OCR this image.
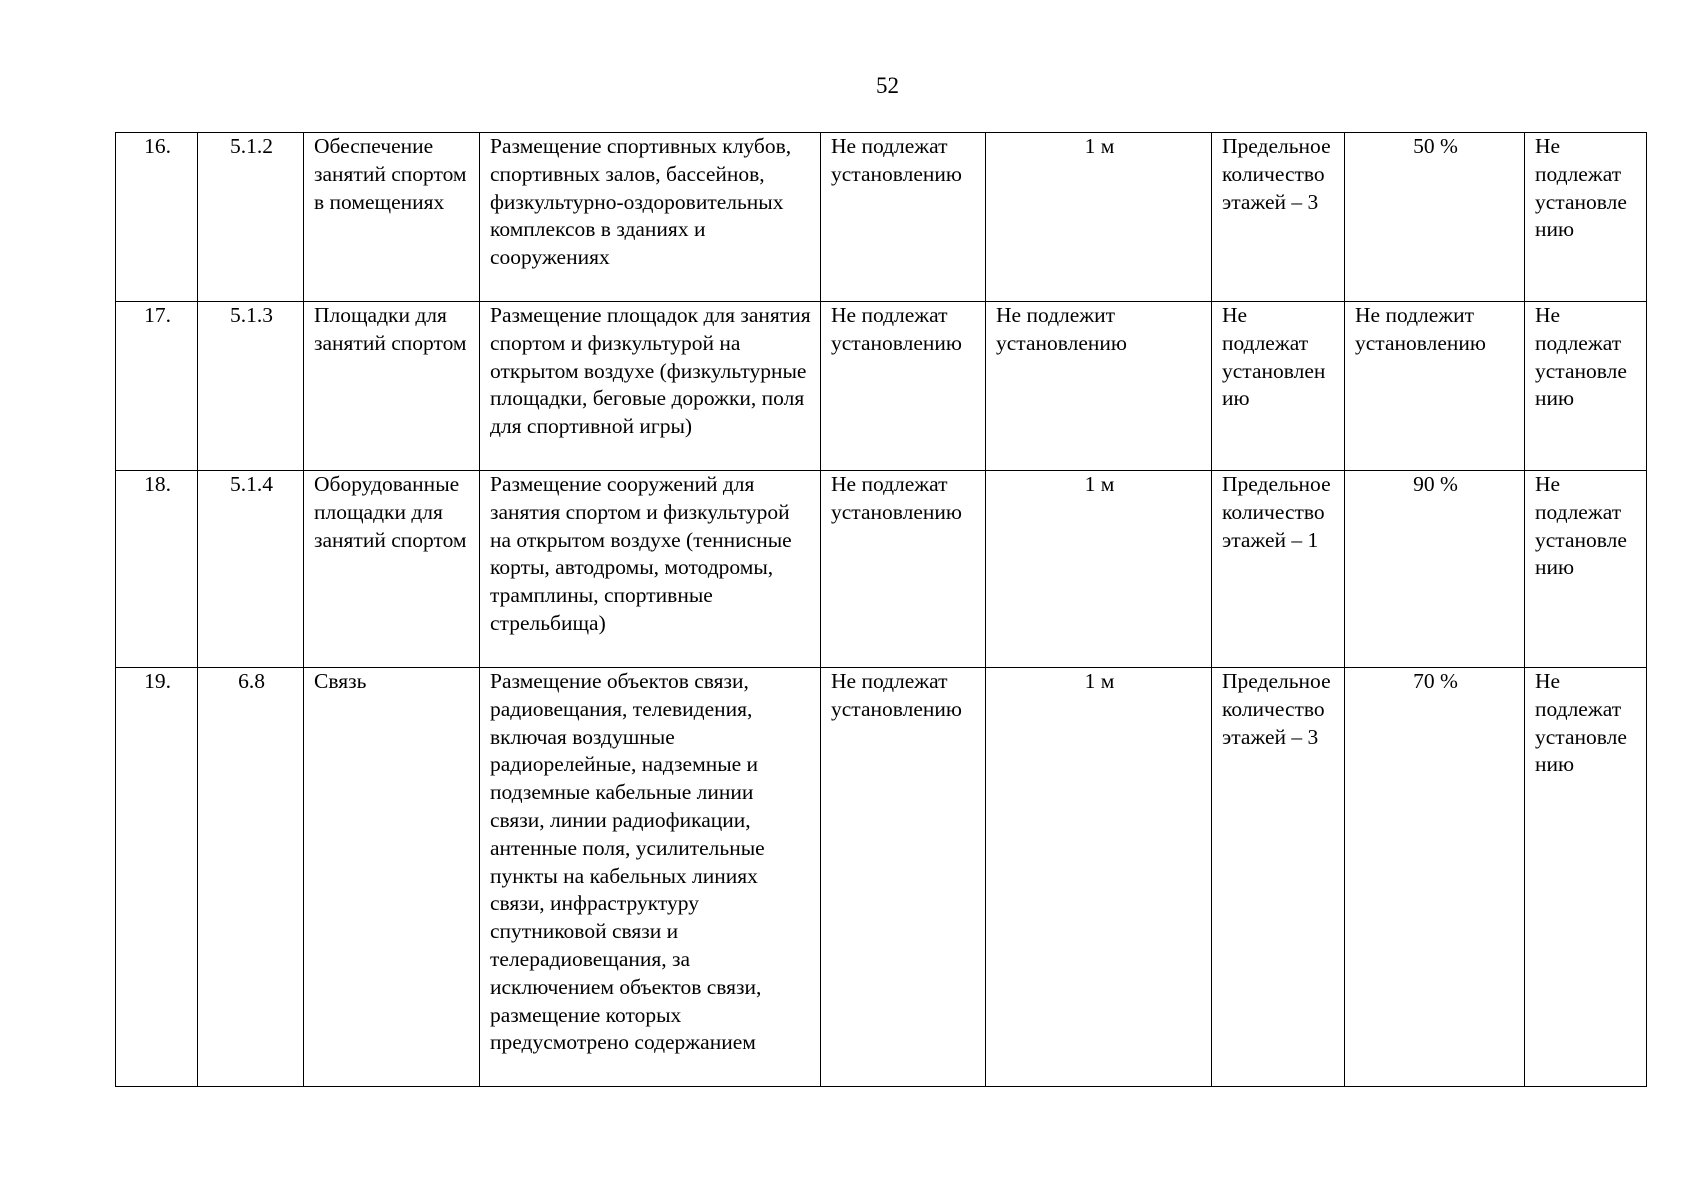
52
16.	5.1.2	Обеспечение занятий спортом в помещениях	Размещение спортивных клубов, спортивных залов, бассейнов, физкультурно-оздоровительных комплексов в зданиях и сооружениях	Не подлежат установлению	1 м	Предельное количество этажей – 3	50 %	Не подлежат установлению
17.	5.1.3	Площадки для занятий спортом	Размещение площадок для занятия спортом и физкультурой на открытом воздухе (физкультурные площадки, беговые дорожки, поля для спортивной игры)	Не подлежат установлению	Не подлежит установлению	Не подлежат установлению	Не подлежит установлению	Не подлежат установлению
18.	5.1.4	Оборудованные площадки для занятий спортом	Размещение сооружений для занятия спортом и физкультурой на открытом воздухе (теннисные корты, автодромы, мотодромы, трамплины, спортивные стрельбища)	Не подлежат установлению	1 м	Предельное количество этажей – 1	90 %	Не подлежат установлению
19.	6.8	Связь	Размещение объектов связи, радиовещания, телевидения, включая воздушные радиорелейные, надземные и подземные кабельные линии связи, линии радиофикации, антенные поля, усилительные пункты на кабельных линиях связи, инфраструктуру спутниковой связи и телерадиовещания, за исключением объектов связи, размещение которых предусмотрено содержанием	Не подлежат установлению	1 м	Предельное количество этажей – 3	70 %	Не подлежат установлению
